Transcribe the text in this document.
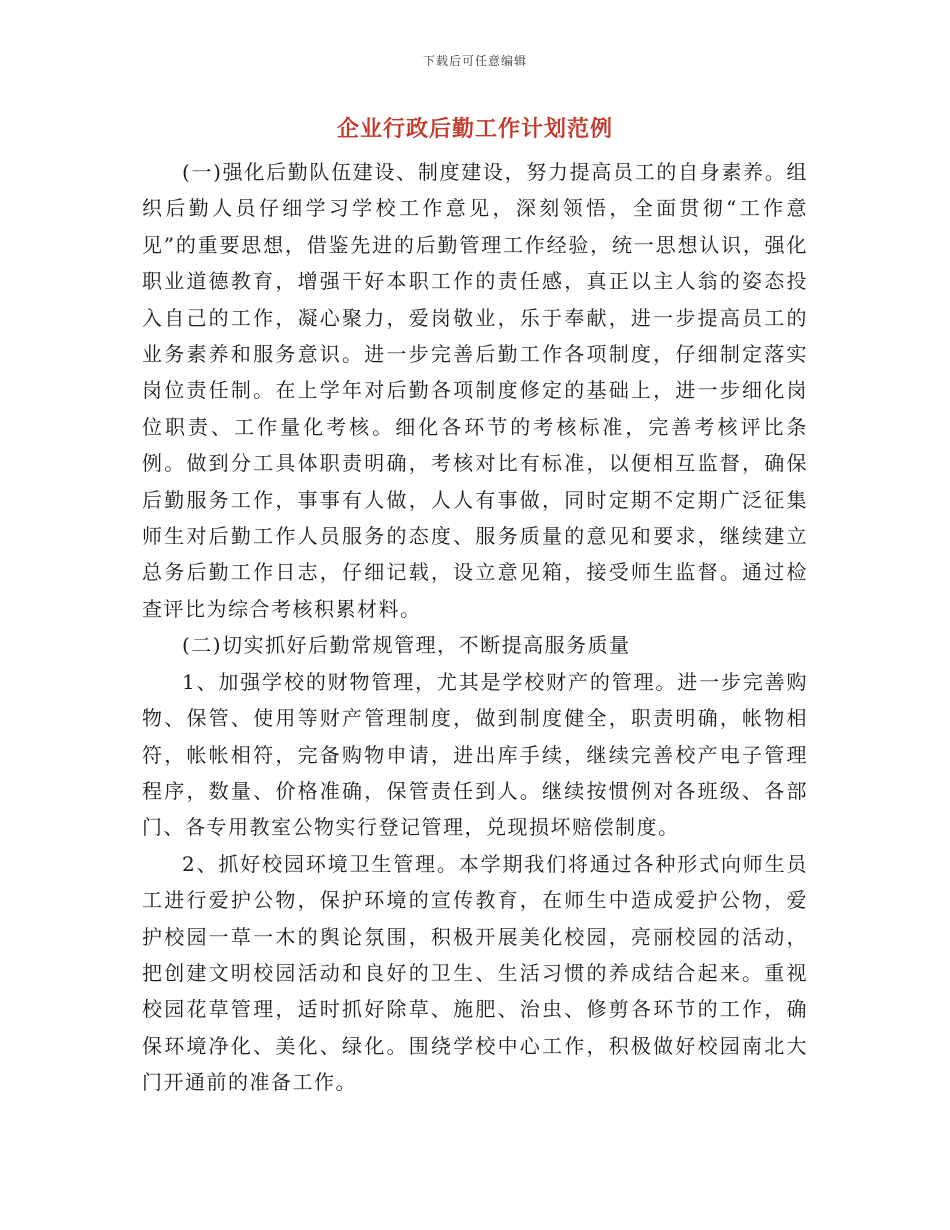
下载后可任意编辑
企业行政后勤工作计划范例

(一)强化后勤队伍建设、制度建设，努力提高员工的自身素养。组织后勤人员仔细学习学校工作意见，深刻领悟，全面贯彻“工作意见”的重要思想，借鉴先进的后勤管理工作经验，统一思想认识，强化职业道德教育，增强干好本职工作的责任感，真正以主人翁的姿态投入自己的工作，凝心聚力，爱岗敬业，乐于奉献，进一步提高员工的业务素养和服务意识。进一步完善后勤工作各项制度，仔细制定落实岗位责任制。在上学年对后勤各项制度修定的基础上，进一步细化岗位职责、工作量化考核。细化各环节的考核标准，完善考核评比条例。做到分工具体职责明确，考核对比有标准，以便相互监督，确保后勤服务工作，事事有人做，人人有事做，同时定期不定期广泛征集师生对后勤工作人员服务的态度、服务质量的意见和要求，继续建立总务后勤工作日志，仔细记载，设立意见箱，接受师生监督。通过检查评比为综合考核积累材料。

(二)切实抓好后勤常规管理，不断提高服务质量

1、加强学校的财物管理，尤其是学校财产的管理。进一步完善购物、保管、使用等财产管理制度，做到制度健全，职责明确，帐物相符，帐帐相符，完备购物申请，进出库手续，继续完善校产电子管理程序，数量、价格准确，保管责任到人。继续按惯例对各班级、各部门、各专用教室公物实行登记管理，兑现损坏赔偿制度。

2、抓好校园环境卫生管理。本学期我们将通过各种形式向师生员工进行爱护公物，保护环境的宣传教育，在师生中造成爱护公物，爱护校园一草一木的舆论氛围，积极开展美化校园，亮丽校园的活动，把创建文明校园活动和良好的卫生、生活习惯的养成结合起来。重视校园花草管理，适时抓好除草、施肥、治虫、修剪各环节的工作，确保环境净化、美化、绿化。围绕学校中心工作，积极做好校园南北大门开通前的准备工作。
